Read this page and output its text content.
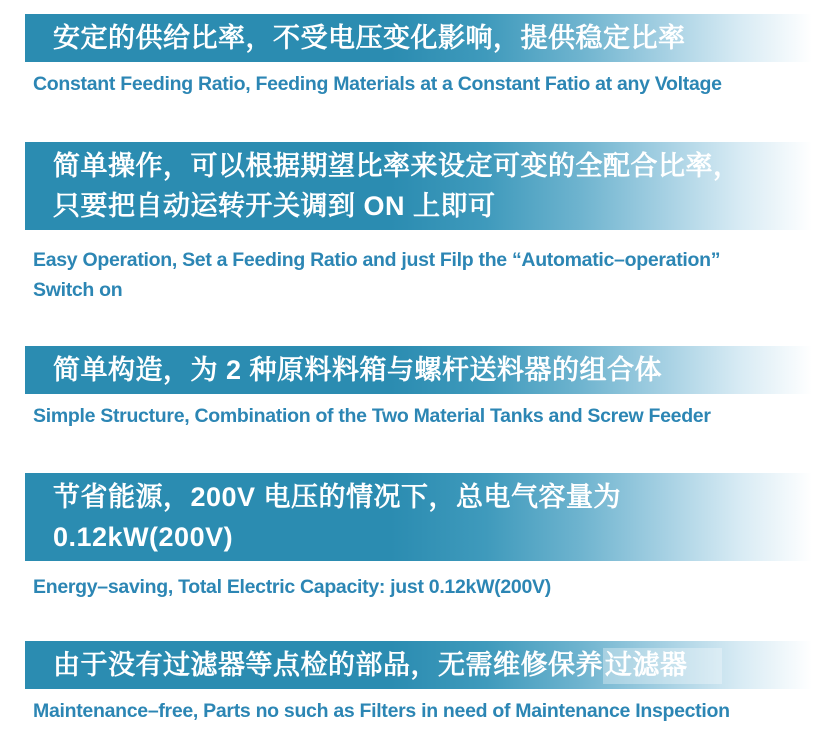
安定的供给比率，不受电压变化影响，提供稳定比率
Constant Feeding Ratio, Feeding Materials at a Constant Fatio at any Voltage
简单操作，可以根据期望比率来设定可变的全配合比率，
只要把自动运转开关调到 ON 上即可
Easy Operation, Set a Feeding Ratio and just Filp the “Automatic–operation”
Switch on
简单构造，为 2 种原料料箱与螺杆送料器的组合体
Simple Structure, Combination of the Two Material Tanks and Screw Feeder
节省能源，200V 电压的情况下，总电气容量为
0.12kW(200V)
Energy–saving, Total Electric Capacity: just 0.12kW(200V)
由于没有过滤器等点检的部品，无需维修保养过滤器
Maintenance–free, Parts no such as Filters in need of Maintenance Inspection
